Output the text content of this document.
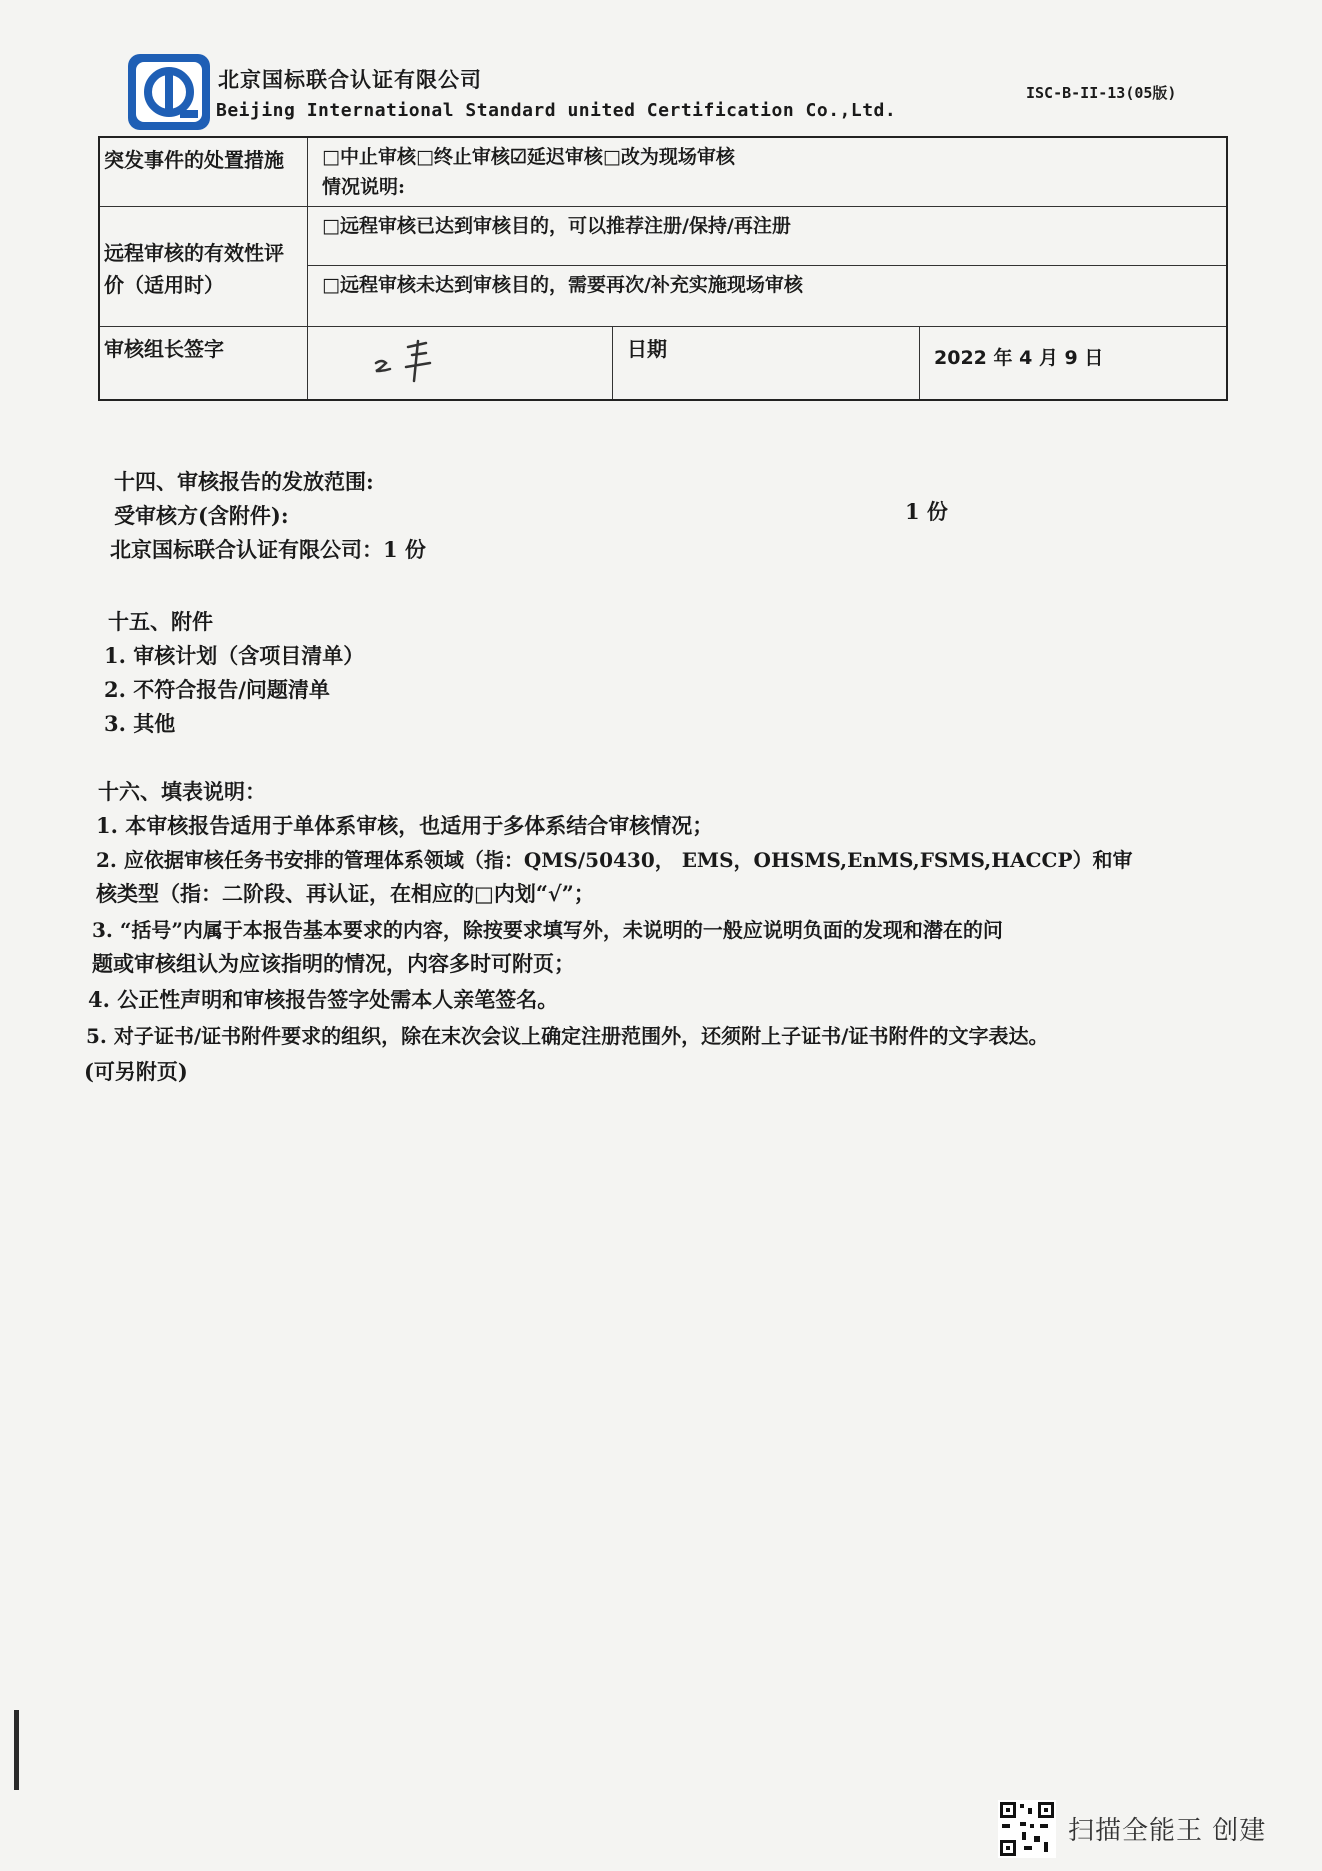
北京国标联合认证有限公司
Beijing International Standard united Certification Co.,Ltd.
ISC-B-II-13(05版)
突发事件的处置措施	□中止审核□终止审核☑延迟审核□改为现场审核
情况说明:
远程审核的有效性评价（适用时）
□远程审核已达到审核目的，可以推荐注册/保持/再注册
□远程审核未达到审核目的，需要再次/补充实施现场审核
审核组长签字	日期	2022 年 4 月 9 日
十四、审核报告的发放范围:
受审核方(含附件):	1 份
北京国标联合认证有限公司：1 份
十五、附件
1. 审核计划（含项目清单）
2. 不符合报告/问题清单
3. 其他
十六、填表说明：
1. 本审核报告适用于单体系审核，也适用于多体系结合审核情况；
2. 应依据审核任务书安排的管理体系领域（指：QMS/50430， EMS，OHSMS,EnMS,FSMS,HACCP）和审
核类型（指：二阶段、再认证，在相应的□内划“√”；
3. “括号”内属于本报告基本要求的内容，除按要求填写外，未说明的一般应说明负面的发现和潜在的问
题或审核组认为应该指明的情况，内容多时可附页；
4. 公正性声明和审核报告签字处需本人亲笔签名。
5. 对子证书/证书附件要求的组织，除在末次会议上确定注册范围外，还须附上子证书/证书附件的文字表达。
(可另附页)
扫描全能王 创建
